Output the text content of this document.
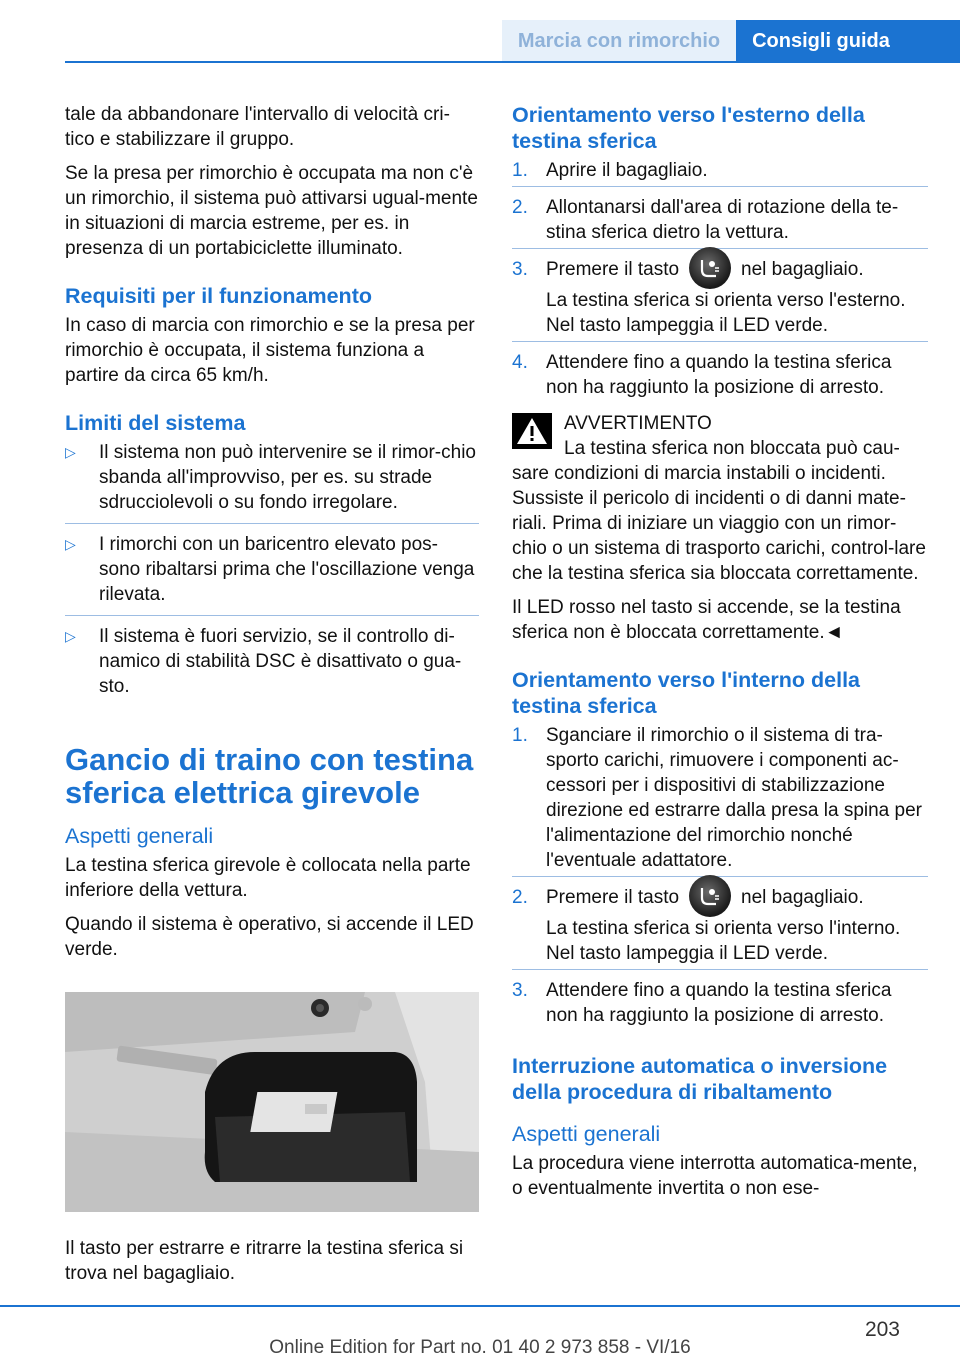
Marcia con rimorchio	Consigli guida

tale da abbandonare l'intervallo di velocità cri-tico e stabilizzare il gruppo.

Se la presa per rimorchio è occupata ma non c'è un rimorchio, il sistema può attivarsi ugual-mente in situazioni di marcia estreme, per es. in presenza di un portabiciclette illuminato.

Requisiti per il funzionamento

In caso di marcia con rimorchio e se la presa per rimorchio è occupata, il sistema funziona a partire da circa 65 km/h.

Limiti del sistema
▷ Il sistema non può intervenire se il rimor-chio sbanda all'improvviso, per es. su strade sdrucciolevoli o su fondo irregolare.
▷ I rimorchi con un baricentro elevato pos-sono ribaltarsi prima che l'oscillazione venga rilevata.
▷ Il sistema è fuori servizio, se il controllo di-namico di stabilità DSC è disattivato o gua-sto.
Gancio di traino con testina sferica elettrica girevole
Aspetti generali

La testina sferica girevole è collocata nella parte inferiore della vettura.

Quando il sistema è operativo, si accende il LED verde.

Il tasto per estrarre e ritrarre la testina sferica si trova nel bagagliaio.

Orientamento verso l'esterno della testina sferica
1. Aprire il bagagliaio.
2. Allontanarsi dall'area di rotazione della te-stina sferica dietro la vettura.
3. Premere il tasto	nel bagagliaio.
La testina sferica si orienta verso l'esterno. Nel tasto lampeggia il LED verde.
4. Attendere fino a quando la testina sferica non ha raggiunto la posizione di arresto.

AVVERTIMENTO

La testina sferica non bloccata può cau-

sare condizioni di marcia instabili o incidenti. Sussiste il pericolo di incidenti o di danni mate-riali. Prima di iniziare un viaggio con un rimor-chio o un sistema di trasporto carichi, control-lare che la testina sferica sia bloccata correttamente.

Il LED rosso nel tasto si accende, se la testina sferica non è bloccata correttamente.◄

Orientamento verso l'interno della testina sferica
1. Sganciare il rimorchio o il sistema di tra-sporto carichi, rimuovere i componenti ac-cessori per i dispositivi di stabilizzazione direzione ed estrarre dalla presa la spina per l'alimentazione del rimorchio nonché l'eventuale adattatore.
2. Premere il tasto	nel bagagliaio.
La testina sferica si orienta verso l'interno. Nel tasto lampeggia il LED verde.
3. Attendere fino a quando la testina sferica non ha raggiunto la posizione di arresto.
Interruzione automatica o inversione della procedura di ribaltamento
Aspetti generali

La procedura viene interrotta automatica-mente, o eventualmente invertita o non ese-

203
Online Edition for Part no. 01 40 2 973 858 - VI/16
